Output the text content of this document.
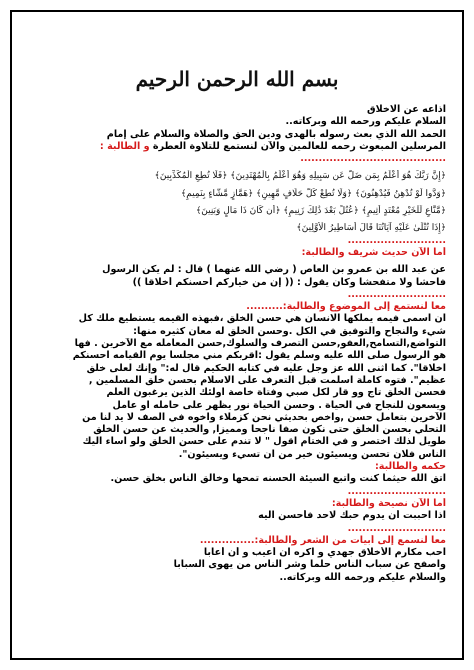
بسم الله الرحمن الرحيم
اذاعه عن الاخلاق
السلام عليكم ورحمه الله وبركاته..
الحمد الله الذي بعث رسوله بالهدى ودين الحق والصلاة والسلام على إمام
المرسلين المبعوث رحمه للعالمين والآن لنستمع للتلاوة العطرة و الطالبة :
........................................
﴿إِنَّ رَبَّكَ هُوَ أَعْلَمُ بِمَن ضَلَّ عَن سَبِيلِهِ وَهُوَ أَعْلَمُ بِالْمُهْتَدِينَ﴾ ﴿فَلَا تُطِعِ الْمُكَذِّبِينَ﴾
﴿وَدُّوا لَوْ تُدْهِنُ فَيُدْهِنُونَ﴾ ﴿وَلَا تُطِعْ كُلَّ حَلَّافٍ مَّهِينٍ﴾ ﴿هَمَّازٍ مَّشَّاءٍ بِنَمِيمٍ﴾
﴿مَّنَّاعٍ لِّلْخَيْرِ مُعْتَدٍ أَثِيمٍ﴾ ﴿عُتُلٍّ بَعْدَ ذَٰلِكَ زَنِيمٍ﴾ ﴿أَن كَانَ ذَا مَالٍ وَبَنِينَ﴾
﴿إِذَا تُتْلَىٰ عَلَيْهِ آيَاتُنَا قَالَ أَسَاطِيرُ الْأَوَّلِينَ﴾
...........................
أما الآن حديث شريف والطالبة:
عن عبد الله بن عمرو بن العاص ( رضي الله عنهما ) قال : لم يكن الرسول
فاحشا ولا متفحشا وكان يقول : (( إن من خياركم أحسنكم أخلاقا ))
...........................
معا لنستمع إلى الموضوع والطالبة:..........
ان اسمى فيمه يملكها الانسان هي حسن الخلق ،فبهذه القيمه يستطيع ملك كل
شيء والنجاح والتوفيق في الكل .وحسن الخلق له معان كثيره منها:
التواضع,التسامح,العفو,حسن التصرف والسلوك,حسن المعامله مع الآخرين . فها
هو الرسول صلى الله عليه وسلم يقول :اقربكم مني مجلسا يوم القيامه احسنكم
اخلاقا". كما اثنى الله عز وجل عليه في كتابه الحكيم قال له:" وإنك لعلى خلق
عظيم". فتوه كاملة اسلمت قبل التعرف على الاسلام بحسن خلق المسلمين ,
فحسن الخلق تاج وو قار لكل صبي وفتاة خاصة اولئك الذين يرغبون العلم
ويسعون للنجاح في الحياة . وحسن الحياة نور يظهر على حامله او عامل
الآخرين بتعامل حسن ,واخص بحديثي نحن كزملاء واخوه في الصف لا يد لنا من
التحلي بحسن الخلق حتى نكون صفا ناجحا ومميزا, والحديث عن حسن الخلق
طويل لذلك اختصر و في الختام اقول " لا تندم على حسن الخلق ولو اساء اليك
الناس فلان تحسن ويسيئون خير من ان تسيء ويسيئون".
حكمه والطالبة:
اتق الله حيثما كنت واتبع السيئة الحسنه تمحها وخالق الناس بخلق حسن.
...........................
أما الآن نصيحة والطالبة:
اذا احببت أن يدوم حبك لاحد فأحسن اليه
...........................
معا لنسمع إلى أبيات من الشعر والطالبة:...............
احب مكارم الأخلاق جهدي و اكره ان أعيب و أن أعابا
واصفح عن سباب الناس حلما وشر الناس من يهوى السبابا
والسلام عليكم ورحمه الله وبركاته..
